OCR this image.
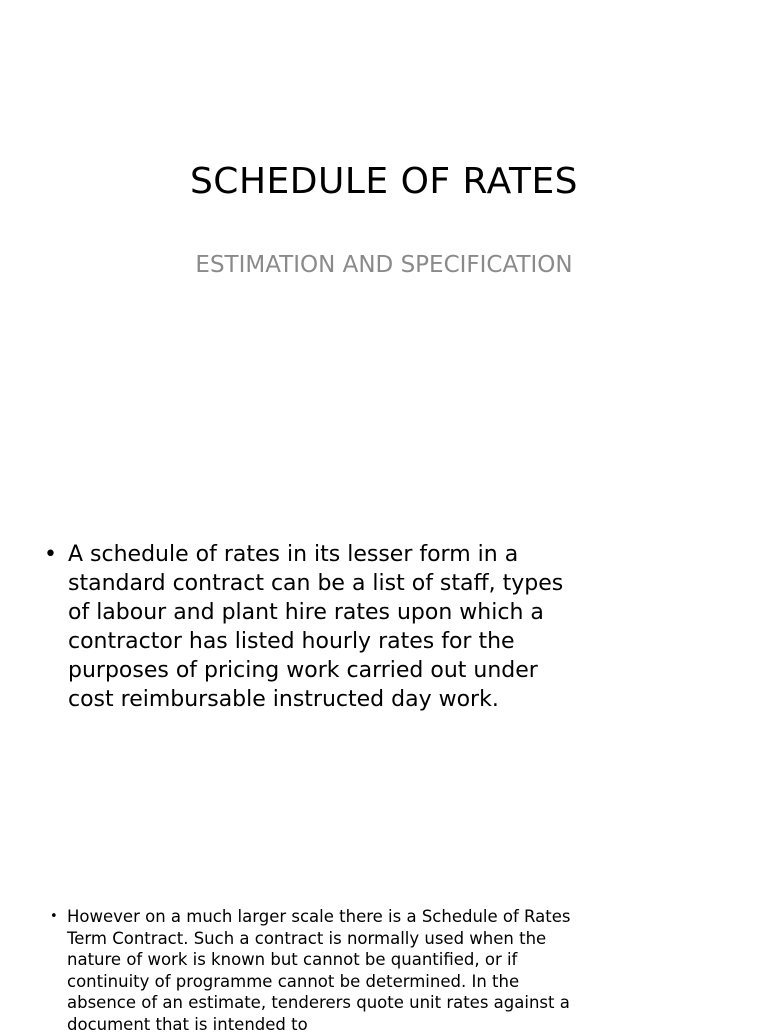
SCHEDULE OF RATES
ESTIMATION AND SPECIFICATION
• A schedule of rates in its lesser form in a standard contract can be a list of staff, types of labour and plant hire rates upon which a contractor has listed hourly rates for the purposes of pricing work carried out under cost reimbursable instructed day work.
• However on a much larger scale there is a Schedule of Rates Term Contract. Such a contract is normally used when the nature of work is known but cannot be quantified, or if continuity of programme cannot be determined. In the absence of an estimate, tenderers quote unit rates against a document that is intended to
